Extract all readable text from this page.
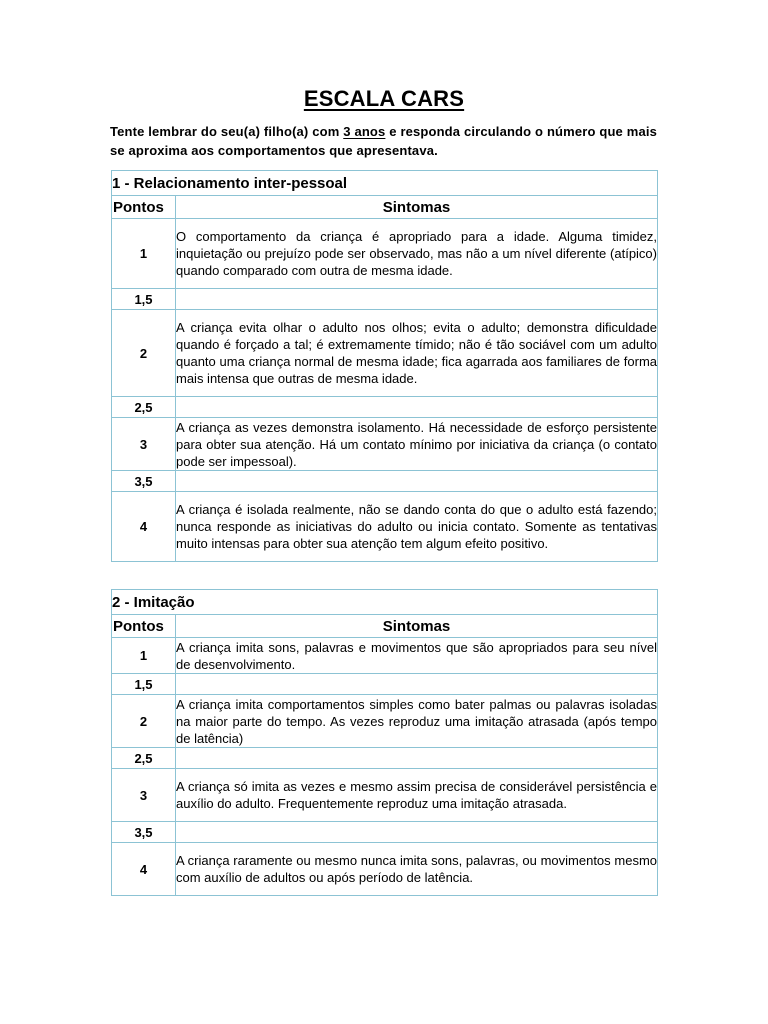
ESCALA CARS
Tente lembrar do seu(a) filho(a) com 3 anos e responda circulando o número que mais se aproxima aos comportamentos que apresentava.
1 - Relacionamento inter-pessoal	
Pontos	Sintomas
1	O comportamento da criança é apropriado para a idade. Alguma timidez, inquietação ou prejuízo pode ser observado, mas não a um nível diferente (atípico) quando comparado com outra de mesma idade.
1,5	
2	A criança evita olhar o adulto nos olhos; evita o adulto; demonstra dificuldade quando é forçado a tal; é extremamente tímido; não é tão sociável com um adulto quanto uma criança normal de mesma idade; fica agarrada aos familiares de forma mais intensa que outras de mesma idade.
2,5	
3	A criança as vezes demonstra isolamento. Há necessidade de esforço persistente para obter sua atenção. Há um contato mínimo por iniciativa da criança (o contato pode ser impessoal).
3,5	
4	A criança é isolada realmente, não se dando conta do que o adulto está fazendo; nunca responde as iniciativas do adulto ou inicia contato. Somente as tentativas muito intensas para obter sua atenção tem algum efeito positivo.
2 - Imitação	
Pontos	Sintomas
1	A criança imita sons, palavras e movimentos que são apropriados para seu nível de desenvolvimento.
1,5	
2	A criança imita comportamentos simples como bater palmas ou palavras isoladas na maior parte do tempo. As vezes reproduz uma imitação atrasada (após tempo de latência)
2,5	
3	A criança só imita as vezes e mesmo assim precisa de considerável persistência e auxílio do adulto. Frequentemente reproduz uma imitação atrasada.
3,5	
4	A criança raramente ou mesmo nunca imita sons, palavras, ou movimentos mesmo com auxílio de adultos ou após período de latência.
